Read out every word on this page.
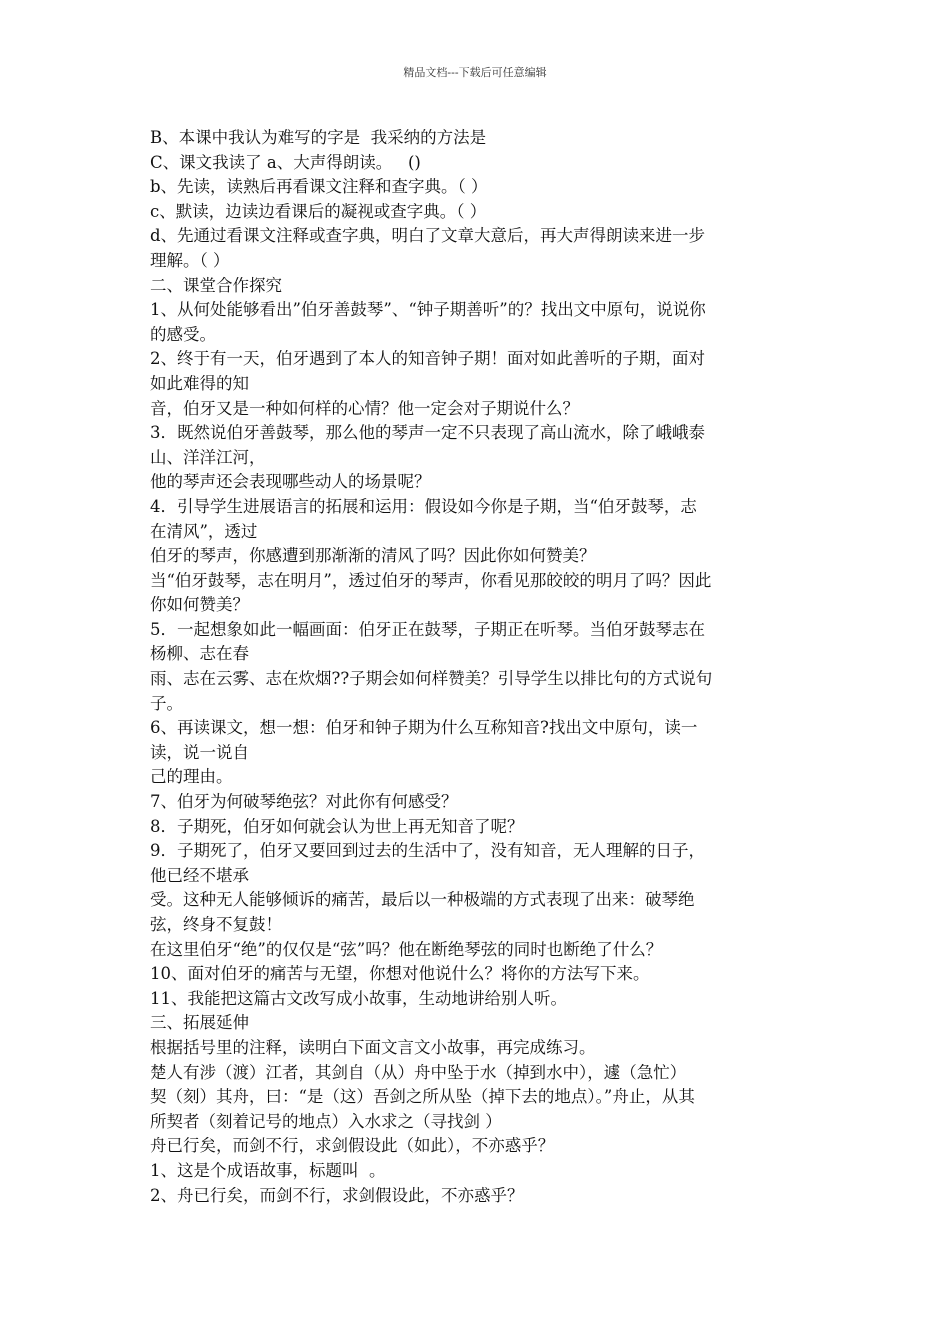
精品文档---下载后可任意编辑
B、本课中我认为难写的字是  我采纳的方法是
C、课文我读了 a、大声得朗读。   ()
b、先读，读熟后再看课文注释和查字典。（ ）
c、默读，边读边看课后的凝视或查字典。（ ）
d、先通过看课文注释或查字典，明白了文章大意后，再大声得朗读来进一步
理解。（ ）
二、课堂合作探究
1、从何处能够看出”伯牙善鼓琴”、“钟子期善听”的？找出文中原句，说说你
的感受。
2、终于有一天，伯牙遇到了本人的知音钟子期！面对如此善听的子期，面对
如此难得的知
音，伯牙又是一种如何样的心情？他一定会对子期说什么？
3．既然说伯牙善鼓琴，那么他的琴声一定不只表现了高山流水，除了峨峨泰
山、洋洋江河，
他的琴声还会表现哪些动人的场景呢？
4．引导学生进展语言的拓展和运用：假设如今你是子期，当“伯牙鼓琴，志
在清风”，透过
伯牙的琴声，你感遭到那渐渐的清风了吗？因此你如何赞美？
当“伯牙鼓琴，志在明月”，透过伯牙的琴声，你看见那皎皎的明月了吗？因此
你如何赞美？
5．一起想象如此一幅画面：伯牙正在鼓琴，子期正在听琴。当伯牙鼓琴志在
杨柳、志在春
雨、志在云雾、志在炊烟??子期会如何样赞美？引导学生以排比句的方式说句
子。
6、再读课文，想一想：伯牙和钟子期为什么互称知音?找出文中原句，读一
读，说一说自
己的理由。
7、伯牙为何破琴绝弦？对此你有何感受？
8．子期死，伯牙如何就会认为世上再无知音了呢？
9．子期死了，伯牙又要回到过去的生活中了，没有知音，无人理解的日子，
他已经不堪承
受。这种无人能够倾诉的痛苦，最后以一种极端的方式表现了出来：破琴绝
弦，终身不复鼓！
在这里伯牙“绝”的仅仅是“弦”吗？他在断绝琴弦的同时也断绝了什么？
10、面对伯牙的痛苦与无望，你想对他说什么？将你的方法写下来。
11、我能把这篇古文改写成小故事，生动地讲给别人听。
三、拓展延伸
根据括号里的注释，读明白下面文言文小故事，再完成练习。
楚人有涉（渡）江者，其剑自（从）舟中坠于水（掉到水中），遽（急忙）
契（刻）其舟，曰：“是（这）吾剑之所从坠（掉下去的地点）。”舟止，从其
所契者（刻着记号的地点）入水求之（寻找剑 ）
舟已行矣，而剑不行，求剑假设此（如此），不亦惑乎？
1、这是个成语故事，标题叫  。
2、舟已行矣，而剑不行，求剑假设此，不亦惑乎？
